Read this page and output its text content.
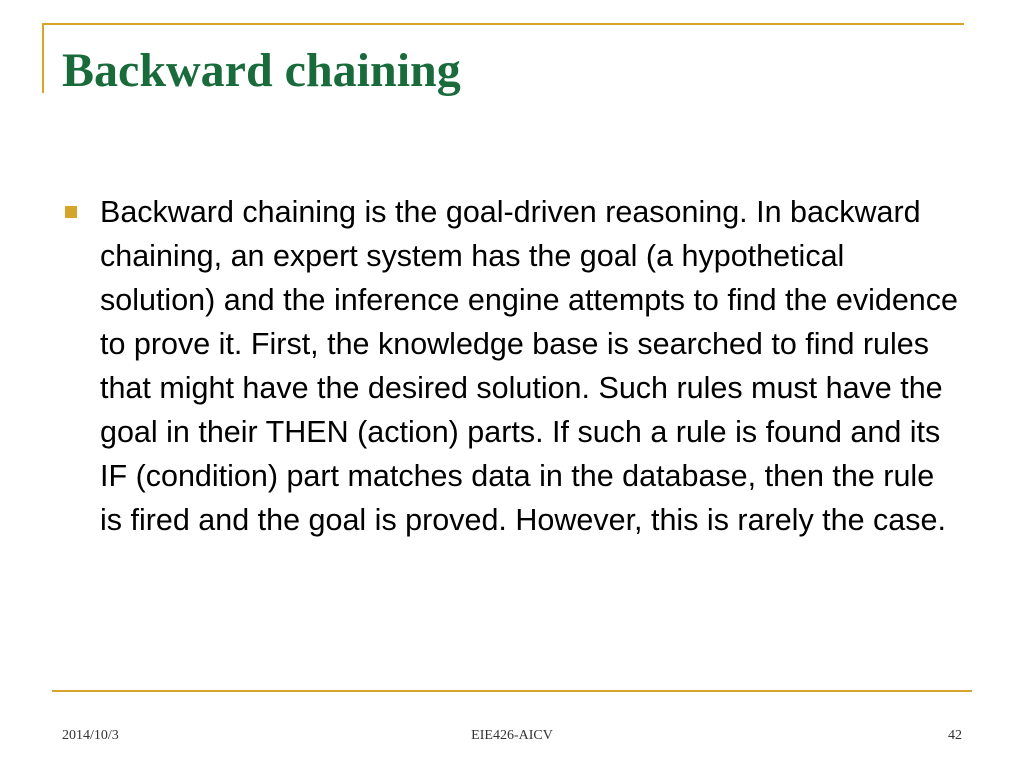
Backward chaining
Backward chaining is the goal-driven reasoning. In backward chaining, an expert system has the goal (a hypothetical solution) and the inference engine attempts to find the evidence to prove it. First, the knowledge base is searched to find rules that might have the desired solution. Such rules must have the goal in their THEN (action) parts. If such a rule is found and its IF (condition) part matches data in the database, then the rule is fired and the goal is proved. However, this is rarely the case.
2014/10/3	EIE426-AICV	42
